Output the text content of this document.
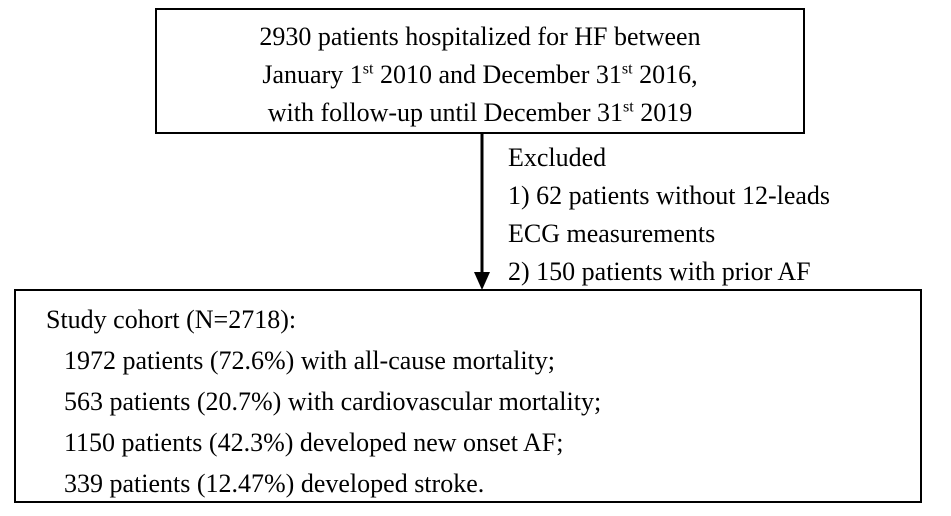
2930 patients hospitalized for HF between
January 1st 2010 and December 31st 2016,
with follow-up until December 31st 2019
Excluded
1) 62 patients without 12-leads
ECG measurements
2) 150 patients with prior AF
Study cohort (N=2718):
1972 patients (72.6%) with all-cause mortality;
563 patients (20.7%) with cardiovascular mortality;
1150 patients (42.3%) developed new onset AF;
339 patients (12.47%) developed stroke.
